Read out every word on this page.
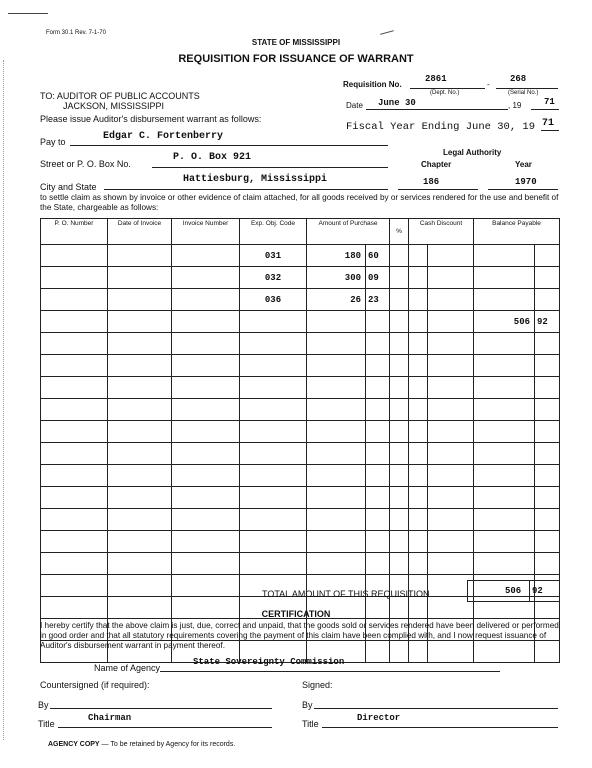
Form 30.1 Rev. 7-1-70
STATE OF MISSISSIPPI
REQUISITION FOR ISSUANCE OF WARRANT
Requisition No.
2861
-
268
(Dept. No.)	(Serial No.)
TO: AUDITOR OF PUBLIC ACCOUNTS
JACKSON, MISSISSIPPI
Please issue Auditor's disbursement warrant as follows:
Date June 30	, 19	71
Fiscal Year Ending June 30, 19 71
Pay to	Edgar C. Fortenberry
Legal Authority
Chapter	Year
Street or P. O. Box No.
P. O. Box 921
City and State
Hattiesburg, Mississippi	186	1970
to settle claim as shown by invoice or other evidence of claim attached, for all goods received by or services rendered for the use and benefit of the State, chargeable as follows:
P. O. Number	Date of Invoice	Invoice Number	Exp. Obj. Code	Amount of Purchase		%	Cash Discount		Balance Payable	
			031	180	60					
			032	300	09					
			036	26	23					
									506	92

TOTAL AMOUNT OF THIS REQUISITION . . .	506 92
CERTIFICATION
I hereby certify that the above claim is just, due, correct and unpaid, that the goods sold or services rendered have been delivered or performed in good order and that all statutory requirements covering the payment of this claim have been complied with, and I now request issuance of Auditor's disbursement warrant in payment thereof.
Name of Agency
State Sovereignty Commission
Countersigned (if required):	Signed:
By	By
Title
Chairman
Title
Director
AGENCY COPY — To be retained by Agency for its records.
